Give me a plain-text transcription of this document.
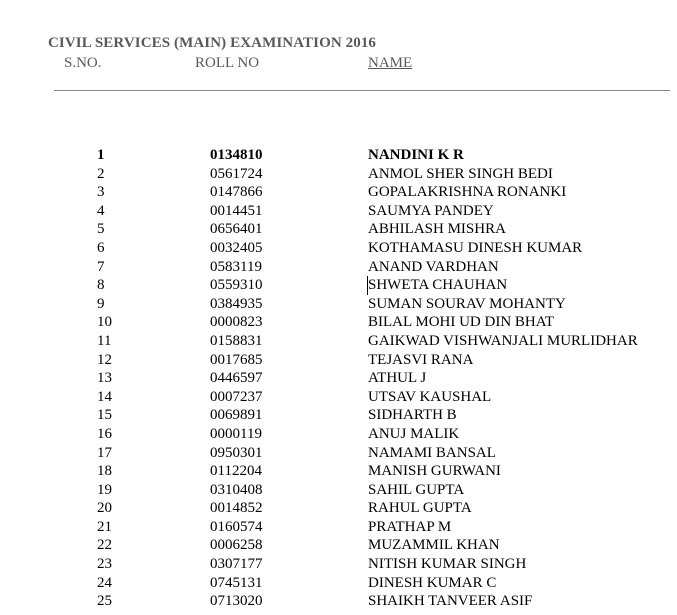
CIVIL SERVICES (MAIN) EXAMINATION 2016
S.NO.	ROLL NO	NAME
1	0134810	NANDINI K R
2	0561724	ANMOL SHER SINGH BEDI
3	0147866	GOPALAKRISHNA RONANKI
4	0014451	SAUMYA PANDEY
5	0656401	ABHILASH MISHRA
6	0032405	KOTHAMASU DINESH KUMAR
7	0583119	ANAND VARDHAN
8	0559310	SHWETA CHAUHAN
9	0384935	SUMAN SOURAV MOHANTY
10	0000823	BILAL MOHI UD DIN BHAT
11	0158831	GAIKWAD VISHWANJALI MURLIDHAR
12	0017685	TEJASVI RANA
13	0446597	ATHUL J
14	0007237	UTSAV KAUSHAL
15	0069891	SIDHARTH B
16	0000119	ANUJ MALIK
17	0950301	NAMAMI BANSAL
18	0112204	MANISH GURWANI
19	0310408	SAHIL GUPTA
20	0014852	RAHUL GUPTA
21	0160574	PRATHAP M
22	0006258	MUZAMMIL KHAN
23	0307177	NITISH KUMAR SINGH
24	0745131	DINESH KUMAR C
25	0713020	SHAIKH TANVEER ASIF
